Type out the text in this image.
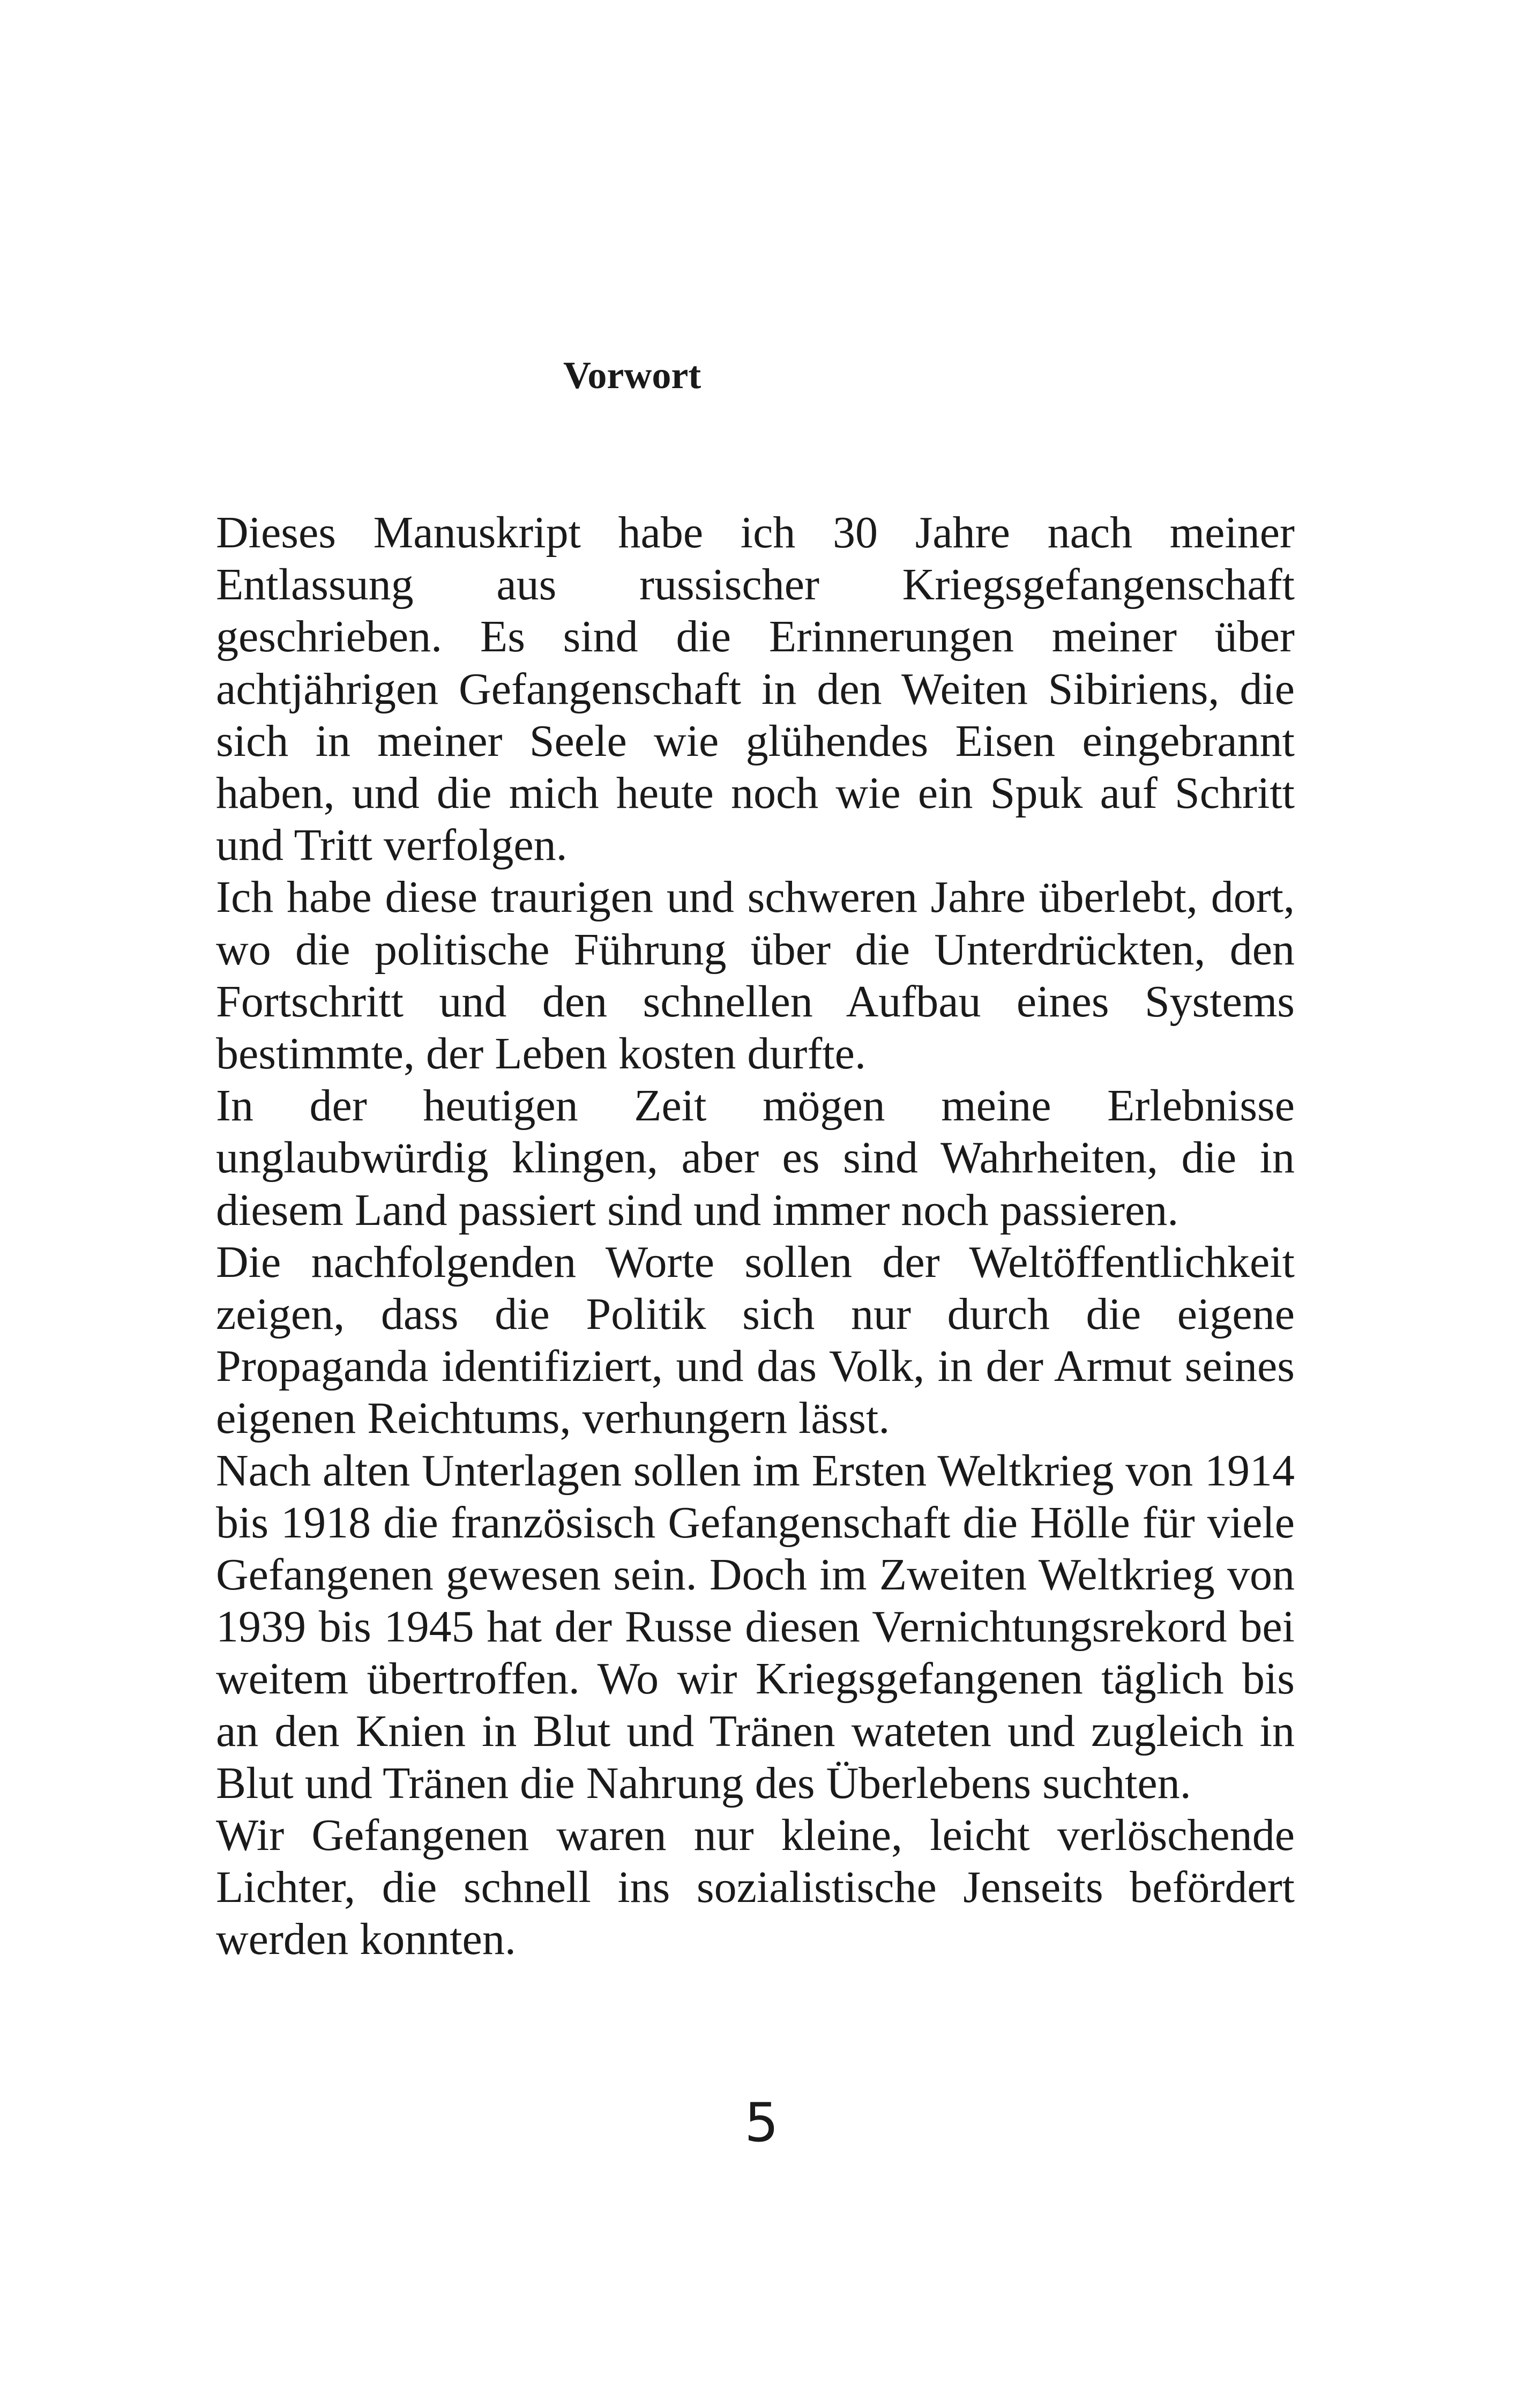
Vorwort

Dieses Manuskript habe ich 30 Jahre nach meiner Entlassung aus russischer Kriegsgefangenschaft geschrieben. Es sind die Erinnerungen meiner über achtjährigen Gefangenschaft in den Weiten Sibiriens, die sich in meiner Seele wie glühendes Eisen eingebrannt haben, und die mich heute noch wie ein Spuk auf Schritt und Tritt verfolgen.

Ich habe diese traurigen und schweren Jahre überlebt, dort, wo die politische Führung über die Unterdrückten, den Fortschritt und den schnellen Aufbau eines Systems bestimmte, der Leben kosten durfte.

In der heutigen Zeit mögen meine Erlebnisse unglaubwürdig klingen, aber es sind Wahrheiten, die in diesem Land passiert sind und immer noch passieren.

Die nachfolgenden Worte sollen der Weltöffentlichkeit zeigen, dass die Politik sich nur durch die eigene Propaganda identifiziert, und das Volk, in der Armut seines eigenen Reichtums, verhungern lässt.

Nach alten Unterlagen sollen im Ersten Weltkrieg von 1914 bis 1918 die französisch Gefangenschaft die Hölle für viele Gefangenen gewesen sein. Doch im Zweiten Weltkrieg von 1939 bis 1945 hat der Russe diesen Vernichtungsrekord bei weitem übertroffen. Wo wir Kriegsgefangenen täglich bis an den Knien in Blut und Tränen wateten und zugleich in Blut und Tränen die Nahrung des Überlebens suchten.

Wir Gefangenen waren nur kleine, leicht verlöschende Lichter, die schnell ins sozialistische Jenseits befördert werden konnten.

5
